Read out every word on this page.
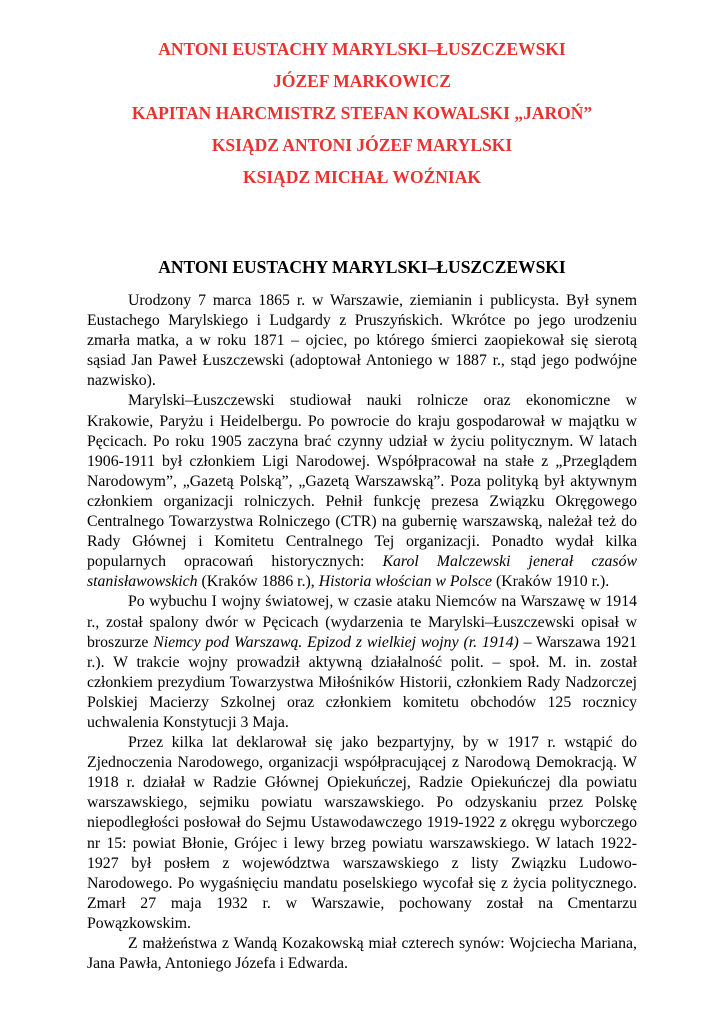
ANTONI EUSTACHY MARYLSKI–ŁUSZCZEWSKI
JÓZEF MARKOWICZ
KAPITAN HARCMISTRZ STEFAN KOWALSKI „JAROŃ”
KSIĄDZ ANTONI JÓZEF MARYLSKI
KSIĄDZ MICHAŁ WOŹNIAK
ANTONI EUSTACHY MARYLSKI–ŁUSZCZEWSKI

Urodzony 7 marca 1865 r. w Warszawie, ziemianin i publicysta. Był synem Eustachego Marylskiego i Ludgardy z Pruszyńskich. Wkrótce po jego urodzeniu zmarła matka, a w roku 1871 – ojciec, po którego śmierci zaopiekował się sierotą sąsiad Jan Paweł Łuszczewski (adoptował Antoniego w 1887 r., stąd jego podwójne nazwisko).

Marylski–Łuszczewski studiował nauki rolnicze oraz ekonomiczne w Krakowie, Paryżu i Heidelbergu. Po powrocie do kraju gospodarował w majątku w Pęcicach. Po roku 1905 zaczyna brać czynny udział w życiu politycznym. W latach 1906-1911 był członkiem Ligi Narodowej. Współpracował na stałe z „Przeglądem Narodowym”, „Gazetą Polską”, „Gazetą Warszawską”. Poza polityką był aktywnym członkiem organizacji rolniczych. Pełnił funkcję prezesa Związku Okręgowego Centralnego Towarzystwa Rolniczego (CTR) na gubernię warszawską, należał też do Rady Głównej i Komitetu Centralnego Tej organizacji. Ponadto wydał kilka popularnych opracowań historycznych: Karol Malczewski jenerał czasów stanisławowskich (Kraków 1886 r.), Historia włościan w Polsce (Kraków 1910 r.).

Po wybuchu I wojny światowej, w czasie ataku Niemców na Warszawę w 1914 r., został spalony dwór w Pęcicach (wydarzenia te Marylski–Łuszczewski opisał w broszurze Niemcy pod Warszawą. Epizod z wielkiej wojny (r. 1914) – Warszawa 1921 r.). W trakcie wojny prowadził aktywną działalność polit. – społ. M. in. został członkiem prezydium Towarzystwa Miłośników Historii, członkiem Rady Nadzorczej Polskiej Macierzy Szkolnej oraz członkiem komitetu obchodów 125 rocznicy uchwalenia Konstytucji 3 Maja.

Przez kilka lat deklarował się jako bezpartyjny, by w 1917 r. wstąpić do Zjednoczenia Narodowego, organizacji współpracującej z Narodową Demokracją. W 1918 r. działał w Radzie Głównej Opiekuńczej, Radzie Opiekuńczej dla powiatu warszawskiego, sejmiku powiatu warszawskiego. Po odzyskaniu przez Polskę niepodległości posłował do Sejmu Ustawodawczego 1919-1922 z okręgu wyborczego nr 15: powiat Błonie, Grójec i lewy brzeg powiatu warszawskiego. W latach 1922-1927 był posłem z województwa warszawskiego z listy Związku Ludowo-Narodowego. Po wygaśnięciu mandatu poselskiego wycofał się z życia politycznego. Zmarł 27 maja 1932 r. w Warszawie, pochowany został na Cmentarzu Powązkowskim.

Z małżeństwa z Wandą Kozakowską miał czterech synów: Wojciecha Mariana, Jana Pawła, Antoniego Józefa i Edwarda.
